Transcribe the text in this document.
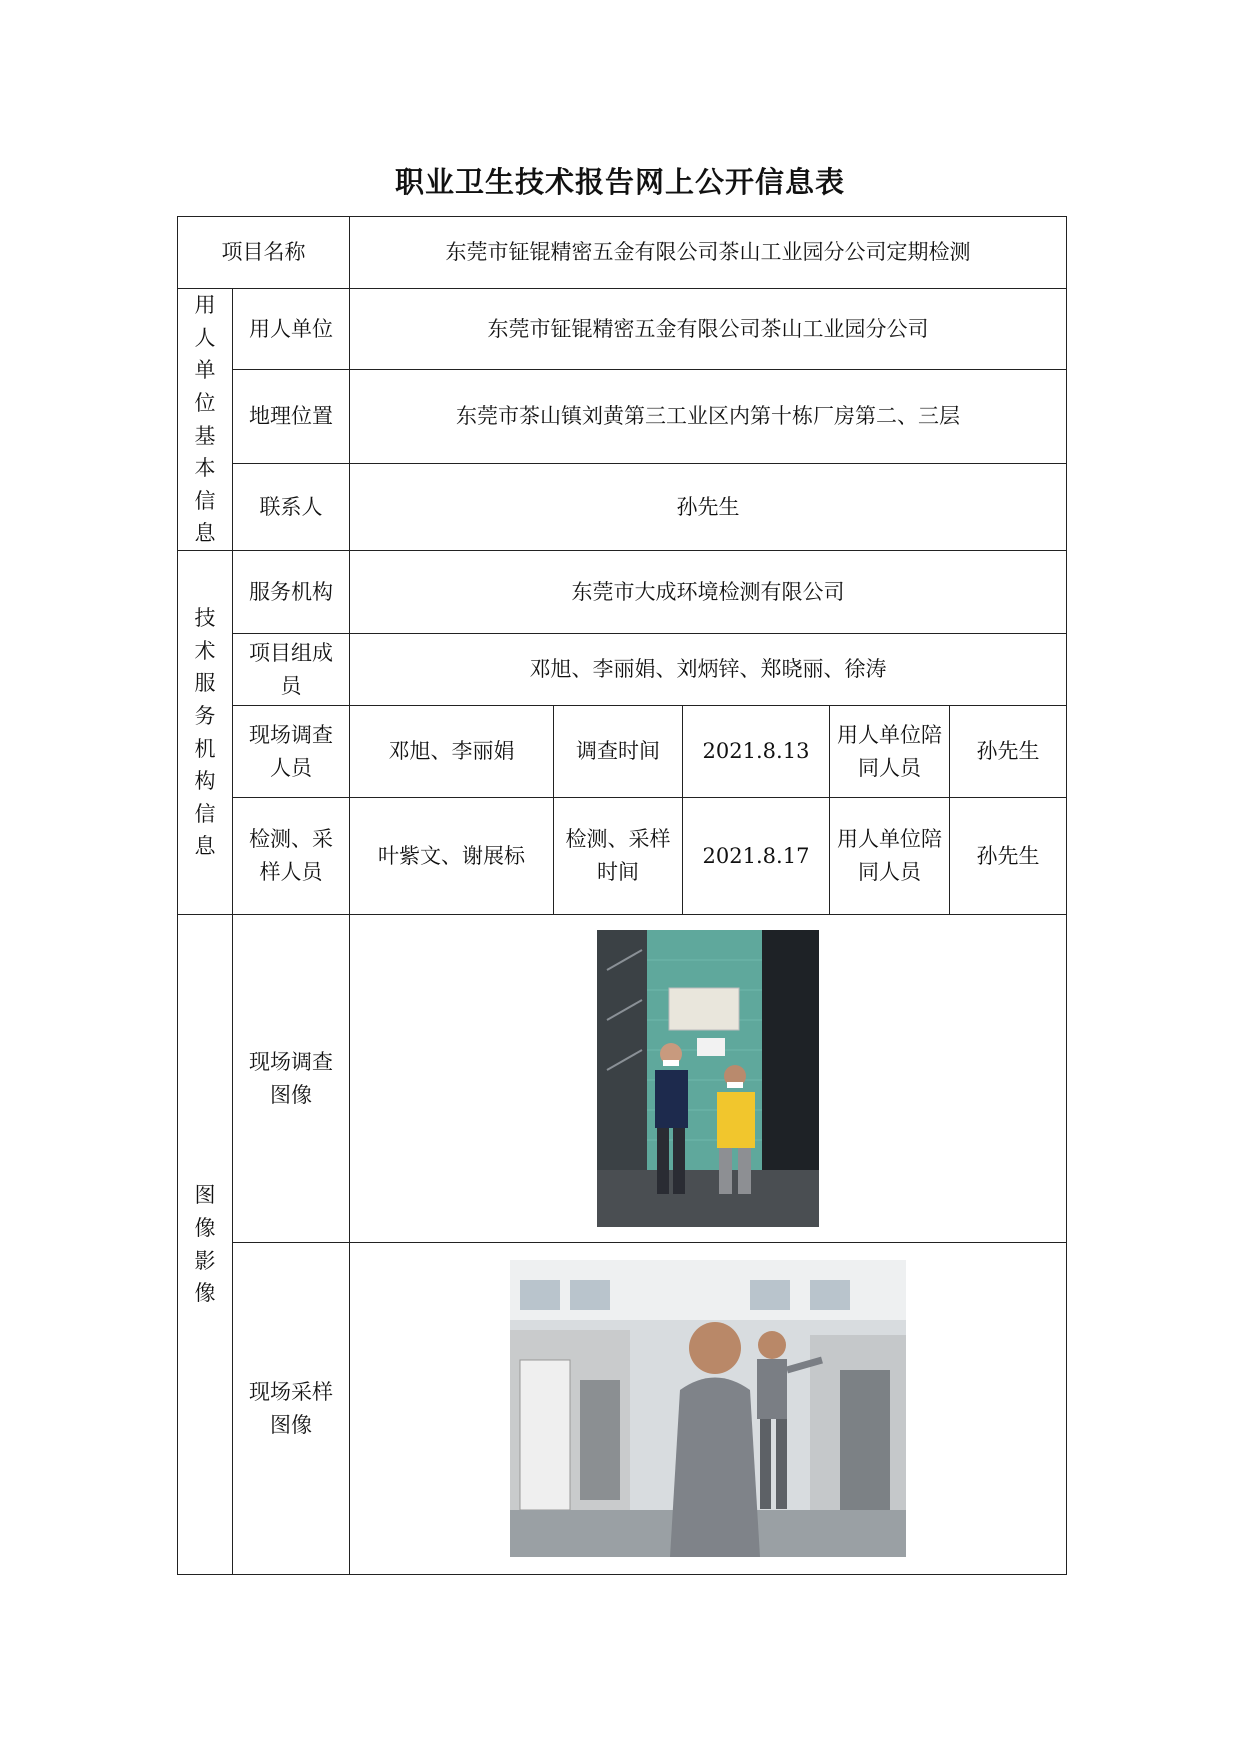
职业卫生技术报告网上公开信息表
项目名称		东莞市钲锟精密五金有限公司茶山工业园分公司定期检测				

用人单位基本信息	用人单位	东莞市钲锟精密五金有限公司茶山工业园分公司				
	地理位置	东莞市茶山镇刘黄第三工业区内第十栋厂房第二、三层				
	联系人	孙先生				

技术服务机构信息	服务机构	东莞市大成环境检测有限公司				
	项目组成员	邓旭、李丽娟、刘炳锌、郑晓丽、徐涛				
	现场调查人员	邓旭、李丽娟	调查时间	2021.8.13	用人单位陪同人员	孙先生
	检测、采样人员	叶紫文、谢展标	检测、采样时间	2021.8.17	用人单位陪同人员	孙先生

图像影像	现场调查图像	

	现场采样图像	
